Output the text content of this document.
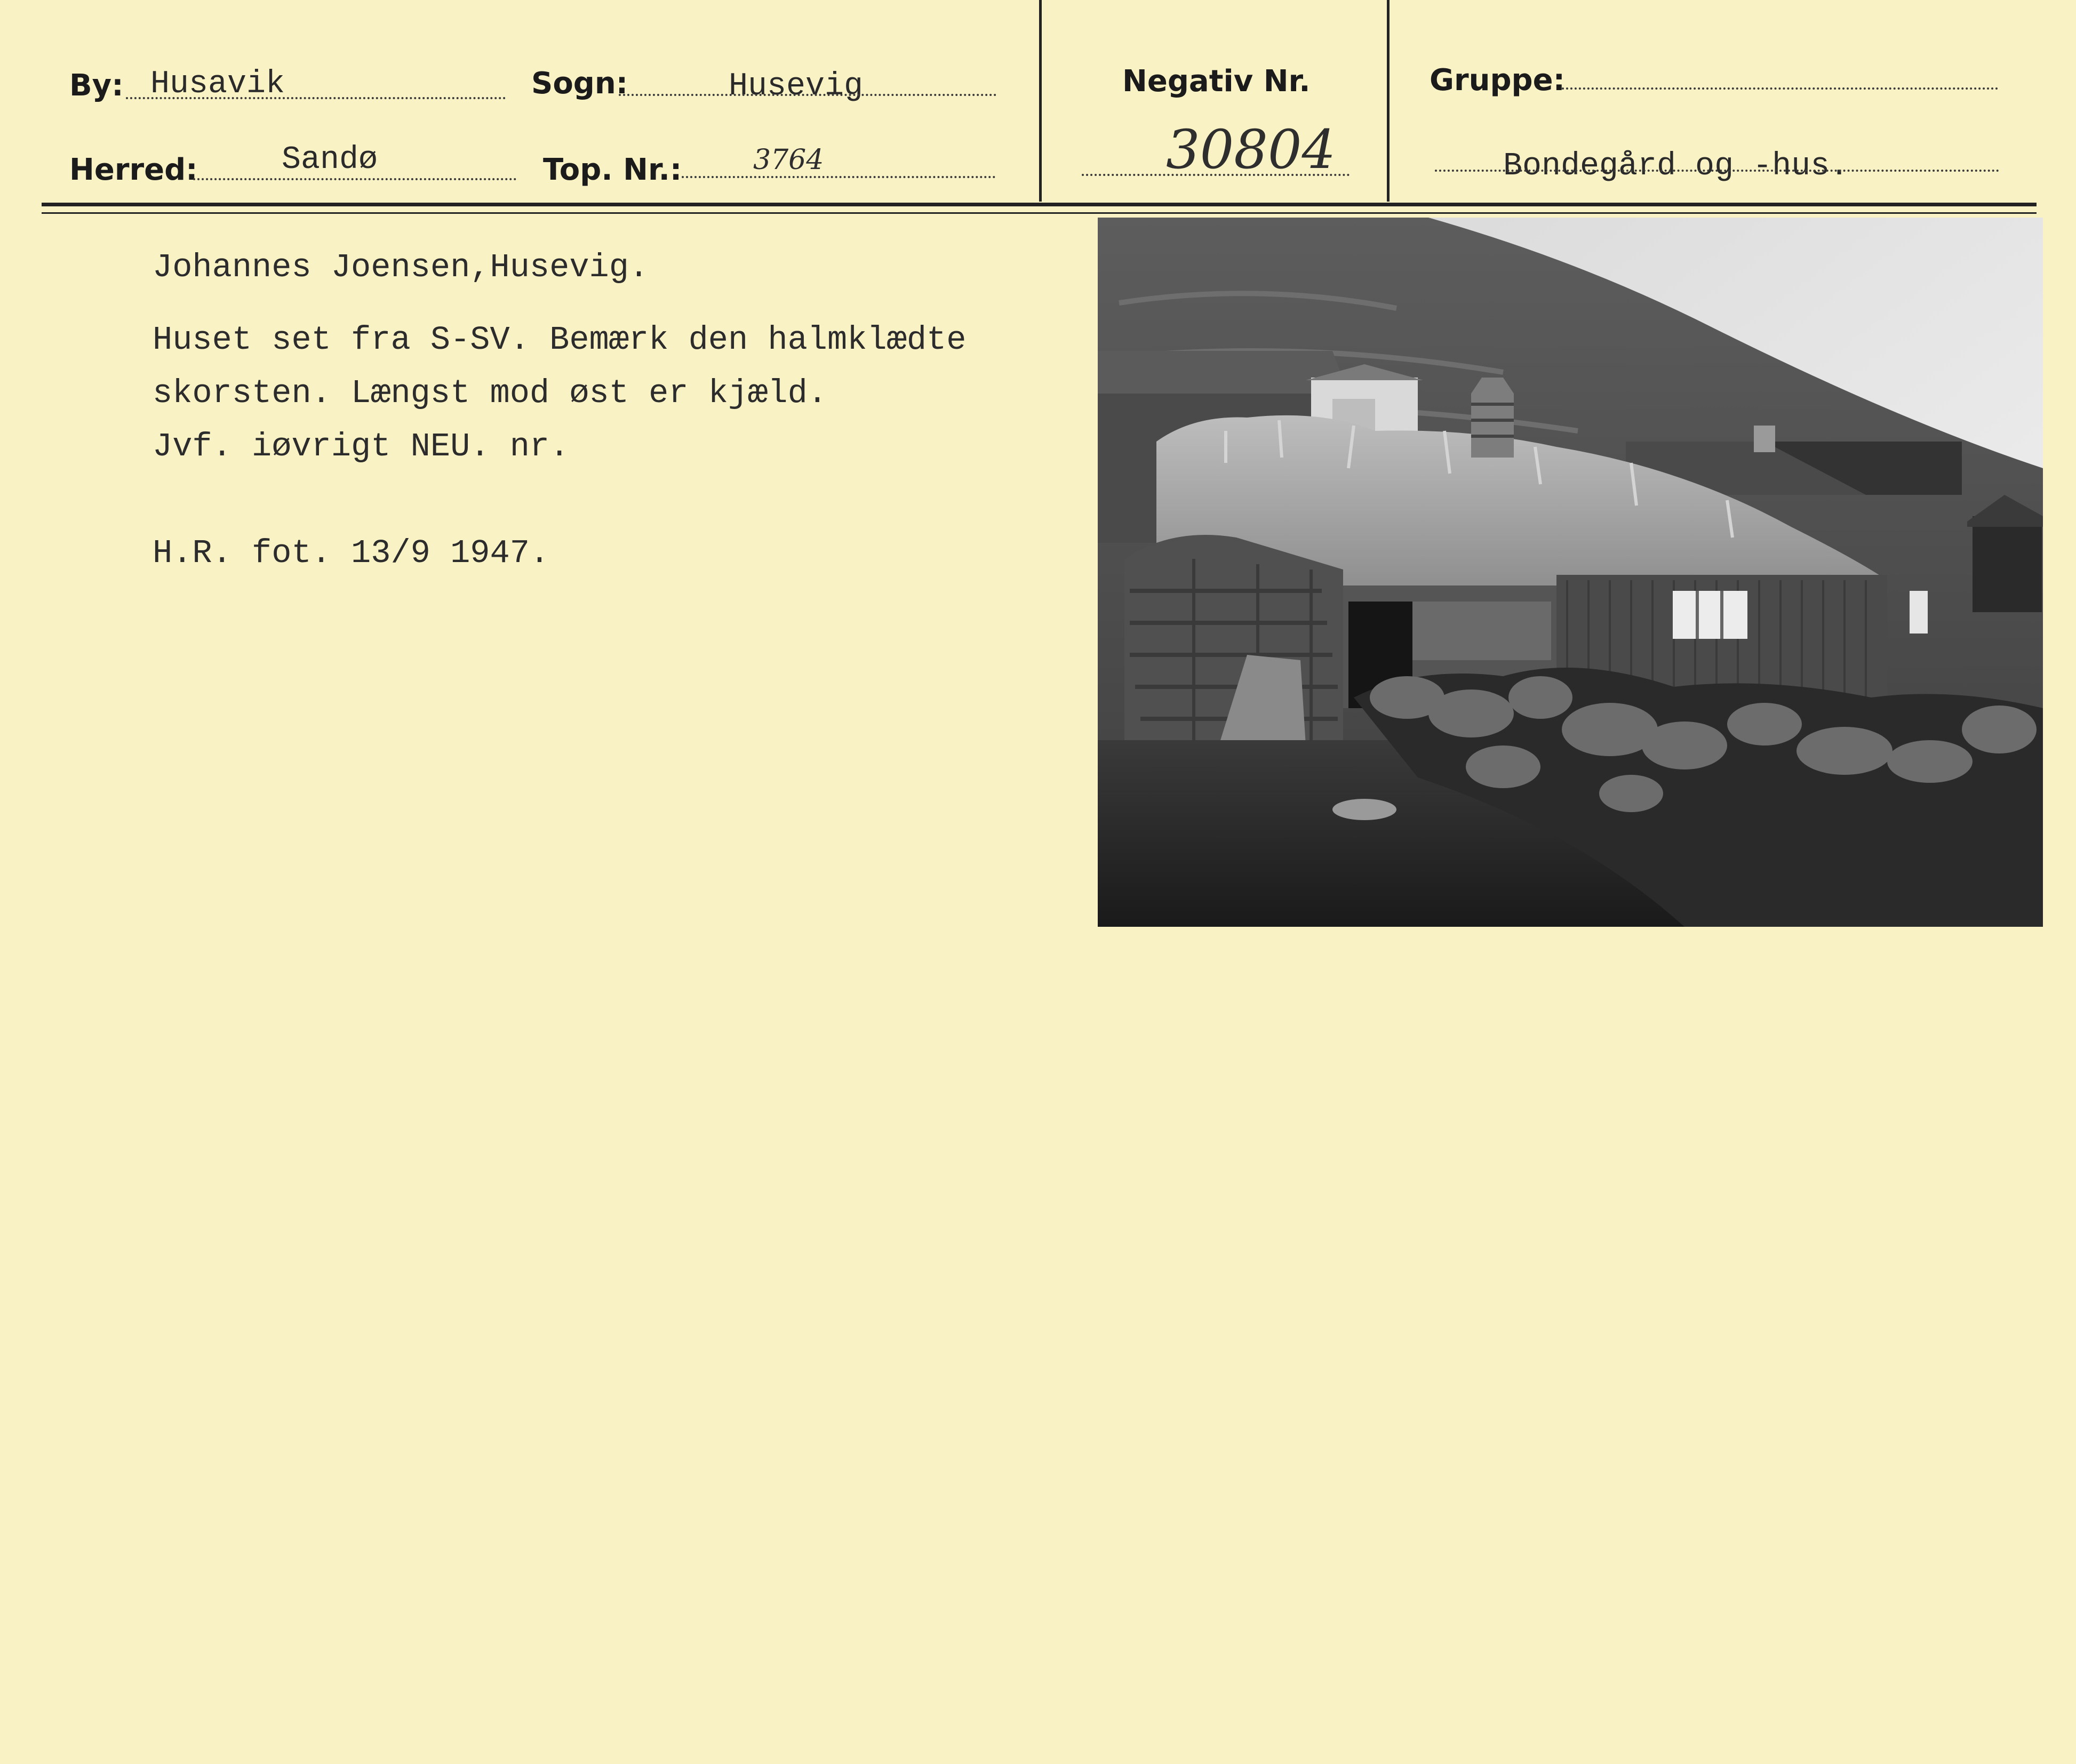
By: Husavik	Sogn:	Husevig
Herred:	Sandø	Top. Nr.:	3764
Negativ Nr.
30804
Gruppe:
Bondegård og -hus.
Johannes Joensen,Husevig.
Huset set fra S-SV. Bemærk den halmklædte
skorsten. Længst mod øst er kjæld.
Jvf. iøvrigt NEU. nr.
H.R. fot. 13/9 1947.
